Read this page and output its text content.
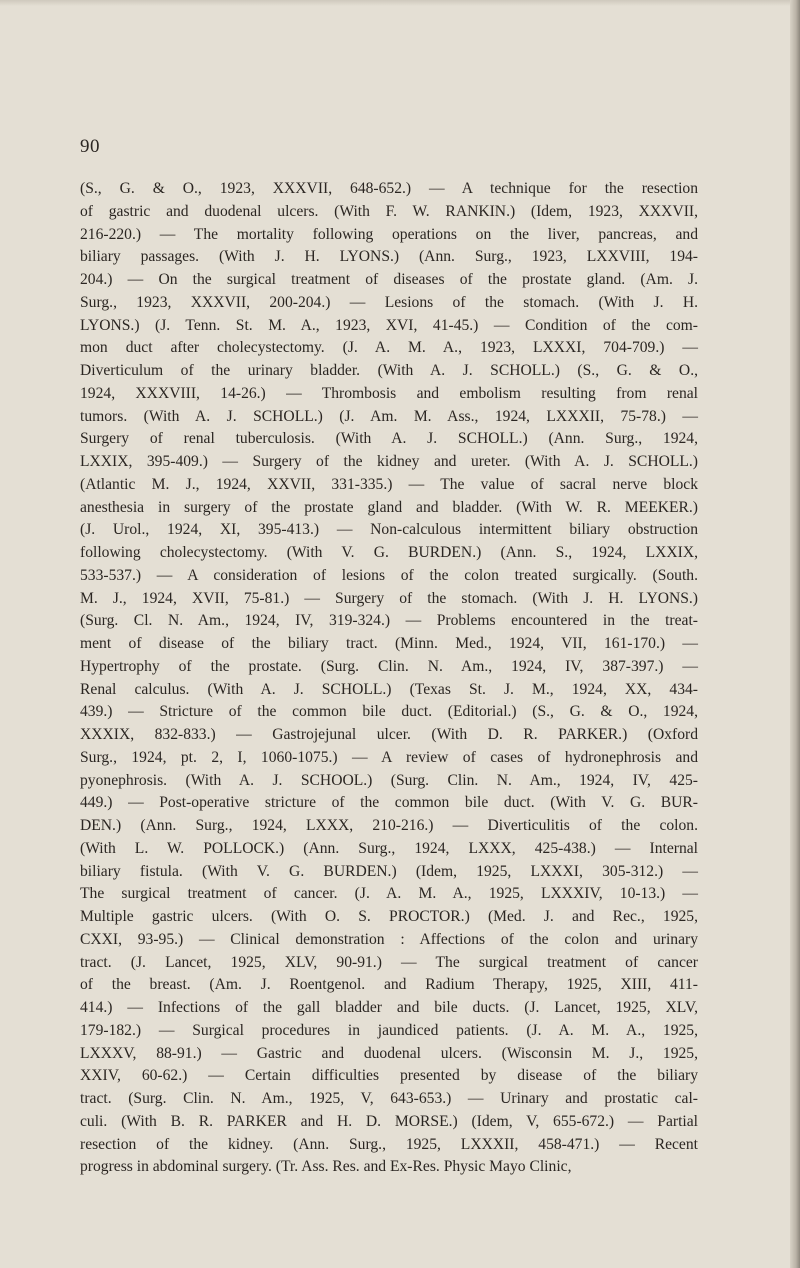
90
(S., G. & O., 1923, XXXVII, 648-652.) — A technique for the resection
of gastric and duodenal ulcers. (With F. W. RANKIN.) (Idem, 1923, XXXVII,
216-220.) — The mortality following operations on the liver, pancreas, and
biliary passages. (With J. H. LYONS.) (Ann. Surg., 1923, LXXVIII, 194-
204.) — On the surgical treatment of diseases of the prostate gland. (Am. J.
Surg., 1923, XXXVII, 200-204.) — Lesions of the stomach. (With J. H.
LYONS.) (J. Tenn. St. M. A., 1923, XVI, 41-45.) — Condition of the com-
mon duct after cholecystectomy. (J. A. M. A., 1923, LXXXI, 704-709.) —
Diverticulum of the urinary bladder. (With A. J. SCHOLL.) (S., G. & O.,
1924, XXXVIII, 14-26.) — Thrombosis and embolism resulting from renal
tumors. (With A. J. SCHOLL.) (J. Am. M. Ass., 1924, LXXXII, 75-78.) —
Surgery of renal tuberculosis. (With A. J. SCHOLL.) (Ann. Surg., 1924,
LXXIX, 395-409.) — Surgery of the kidney and ureter. (With A. J. SCHOLL.)
(Atlantic M. J., 1924, XXVII, 331-335.) — The value of sacral nerve block
anesthesia in surgery of the prostate gland and bladder. (With W. R. MEEKER.)
(J. Urol., 1924, XI, 395-413.) — Non-calculous intermittent biliary obstruction
following cholecystectomy. (With V. G. BURDEN.) (Ann. S., 1924, LXXIX,
533-537.) — A consideration of lesions of the colon treated surgically. (South.
M. J., 1924, XVII, 75-81.) — Surgery of the stomach. (With J. H. LYONS.)
(Surg. Cl. N. Am., 1924, IV, 319-324.) — Problems encountered in the treat-
ment of disease of the biliary tract. (Minn. Med., 1924, VII, 161-170.) —
Hypertrophy of the prostate. (Surg. Clin. N. Am., 1924, IV, 387-397.) —
Renal calculus. (With A. J. SCHOLL.) (Texas St. J. M., 1924, XX, 434-
439.) — Stricture of the common bile duct. (Editorial.) (S., G. & O., 1924,
XXXIX, 832-833.) — Gastrojejunal ulcer. (With D. R. PARKER.) (Oxford
Surg., 1924, pt. 2, I, 1060-1075.) — A review of cases of hydronephrosis and
pyonephrosis. (With A. J. SCHOOL.) (Surg. Clin. N. Am., 1924, IV, 425-
449.) — Post-operative stricture of the common bile duct. (With V. G. BUR-
DEN.) (Ann. Surg., 1924, LXXX, 210-216.) — Diverticulitis of the colon.
(With L. W. POLLOCK.) (Ann. Surg., 1924, LXXX, 425-438.) — Internal
biliary fistula. (With V. G. BURDEN.) (Idem, 1925, LXXXI, 305-312.) —
The surgical treatment of cancer. (J. A. M. A., 1925, LXXXIV, 10-13.) —
Multiple gastric ulcers. (With O. S. PROCTOR.) (Med. J. and Rec., 1925,
CXXI, 93-95.) — Clinical demonstration : Affections of the colon and urinary
tract. (J. Lancet, 1925, XLV, 90-91.) — The surgical treatment of cancer
of the breast. (Am. J. Roentgenol. and Radium Therapy, 1925, XIII, 411-
414.) — Infections of the gall bladder and bile ducts. (J. Lancet, 1925, XLV,
179-182.) — Surgical procedures in jaundiced patients. (J. A. M. A., 1925,
LXXXV, 88-91.) — Gastric and duodenal ulcers. (Wisconsin M. J., 1925,
XXIV, 60-62.) — Certain difficulties presented by disease of the biliary
tract. (Surg. Clin. N. Am., 1925, V, 643-653.) — Urinary and prostatic cal-
culi. (With B. R. PARKER and H. D. MORSE.) (Idem, V, 655-672.) — Partial
resection of the kidney. (Ann. Surg., 1925, LXXXII, 458-471.) — Recent
progress in abdominal surgery. (Tr. Ass. Res. and Ex-Res. Physic Mayo Clinic,
